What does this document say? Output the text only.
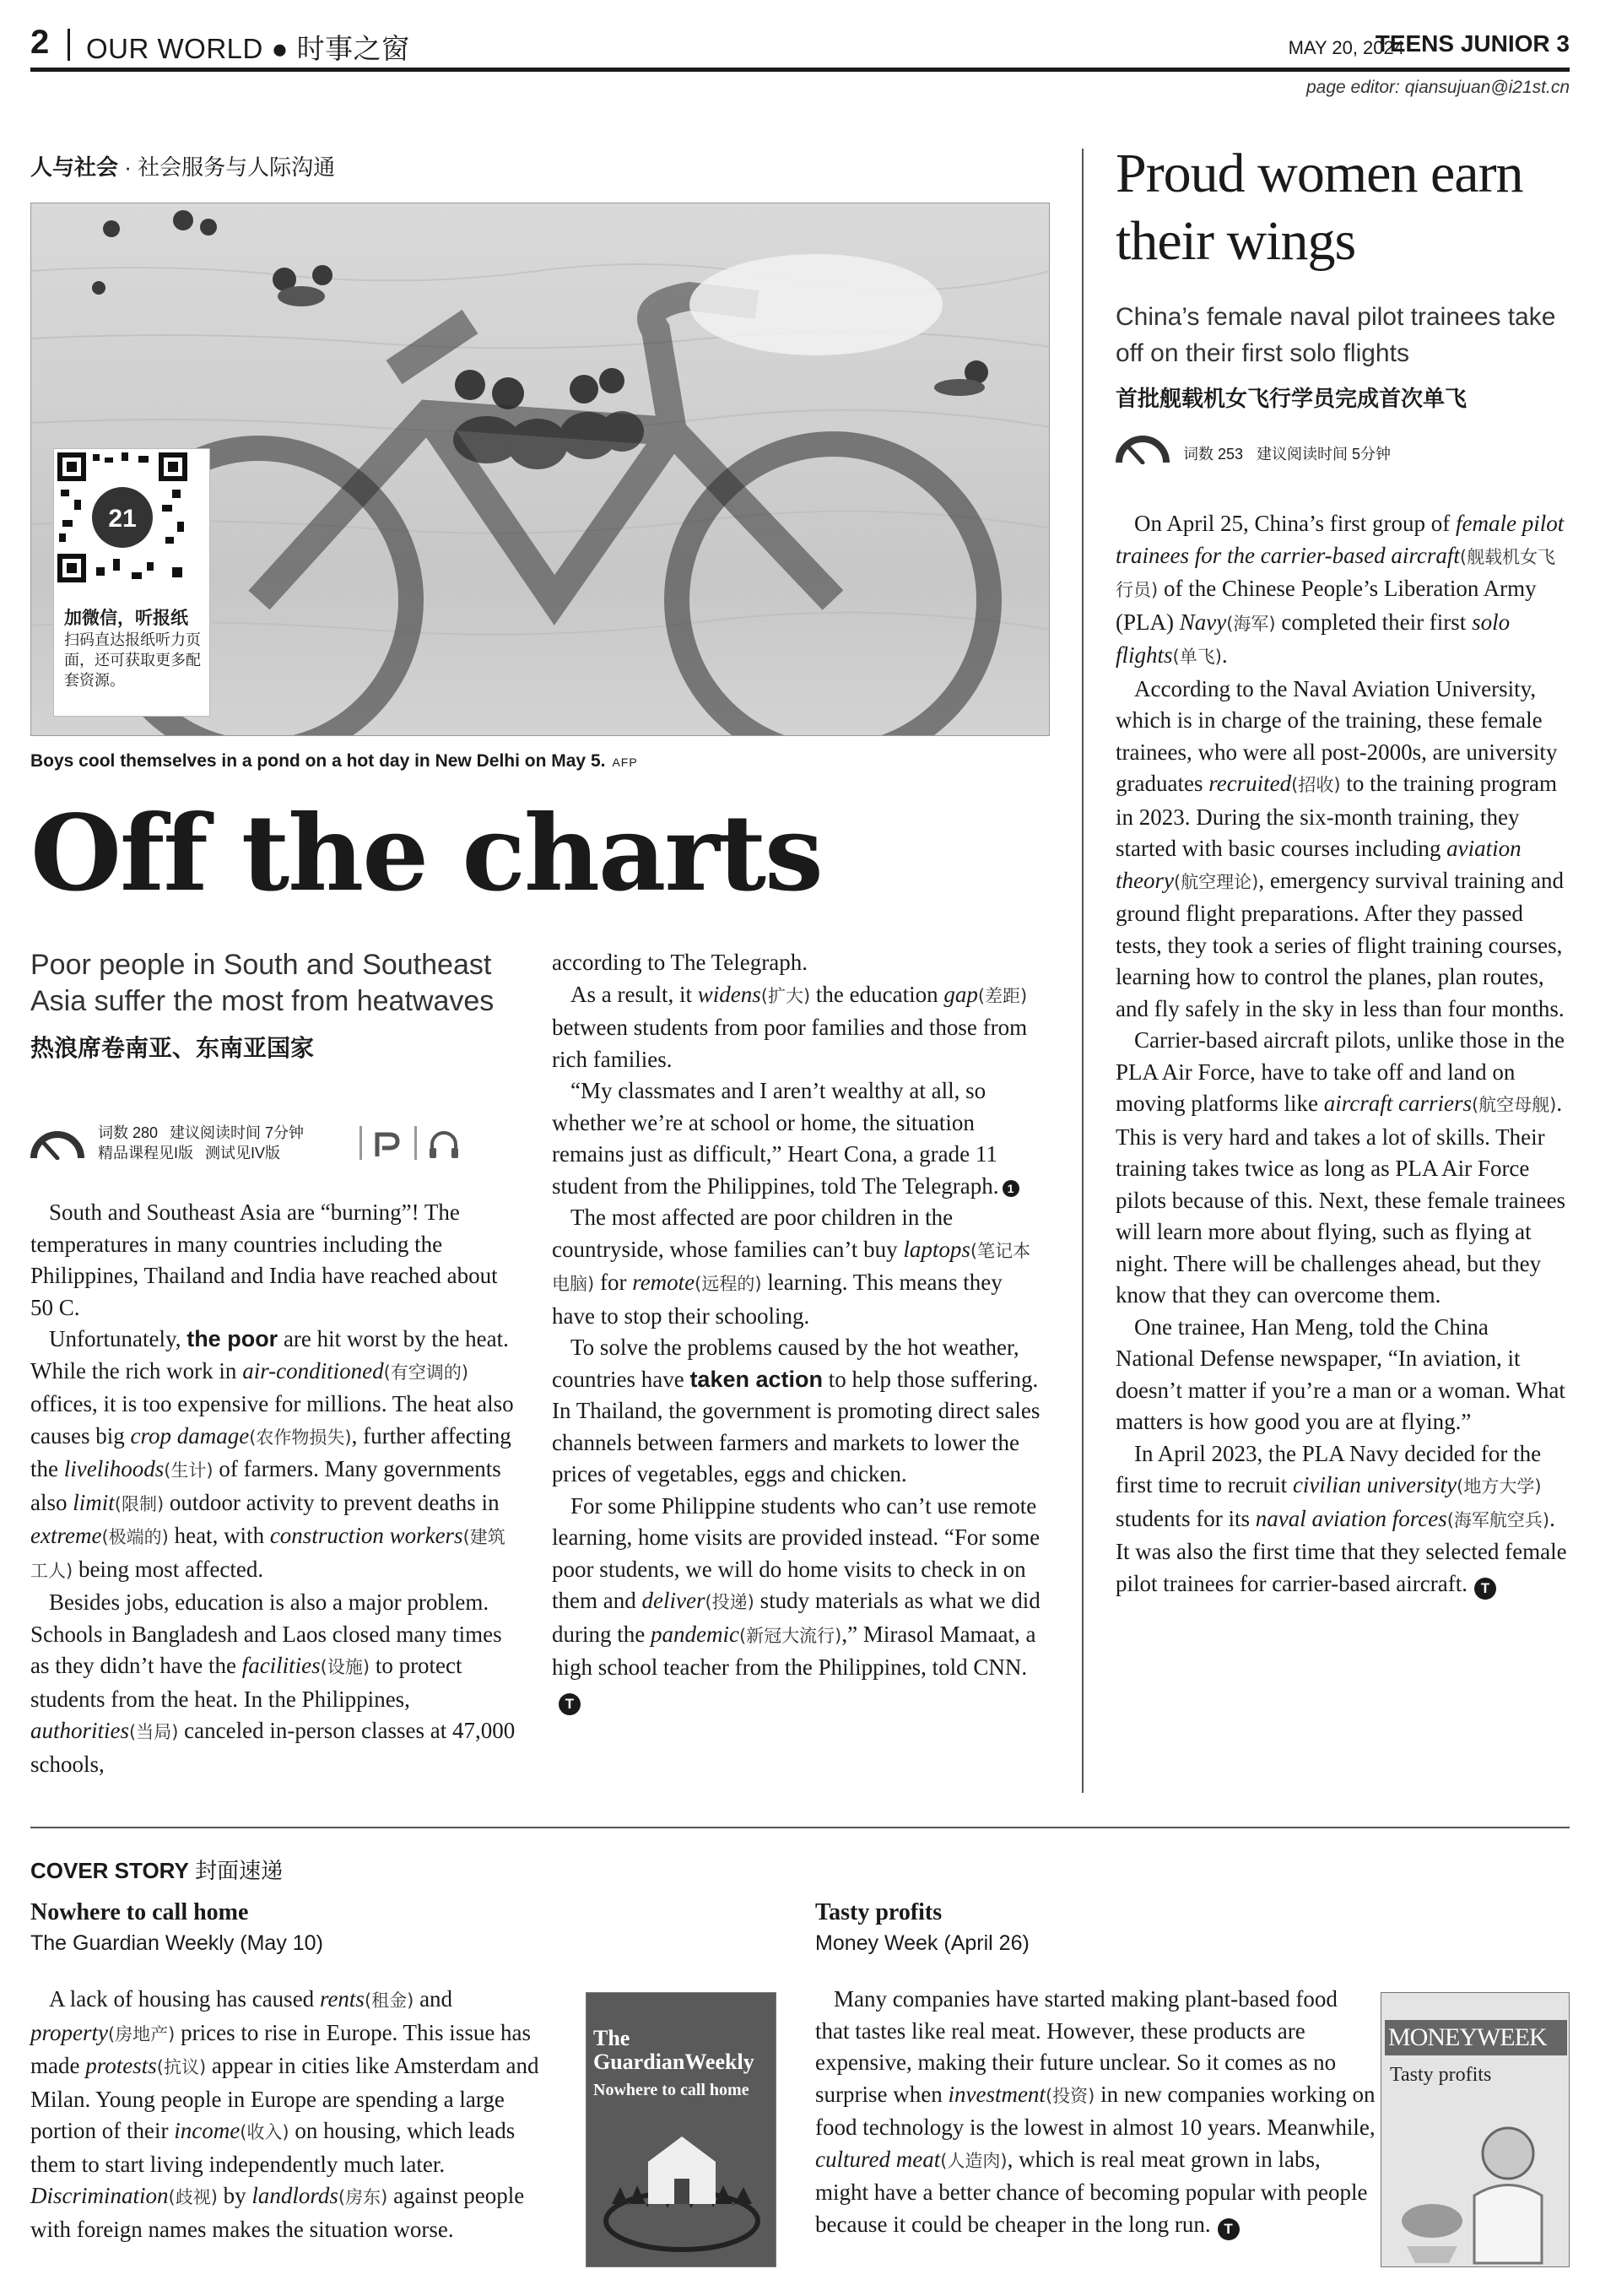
2 OUR WORLD ● 时事之窗	MAY 20, 2024
TEENS JUNIOR 3
page editor: qiansujuan@i21st.cn
人与社会 · 社会服务与人际沟通
21
加微信，听报纸
扫码直达报纸听力页面，还可获取更多配套资源。
Boys cool themselves in a pond on a hot day in New Delhi on May 5. AFP
Off the charts
Poor people in South and Southeast Asia suffer the most from heatwaves
热浪席卷南亚、东南亚国家
词数 280 建议阅读时间 7分钟
精品课程见I版 测试见IV版

South and Southeast Asia are “burning”! The temperatures in many countries including the Philippines, Thailand and India have reached about 50 C.

Unfortunately, the poor are hit worst by the heat. While the rich work in air-conditioned(有空调的) offices, it is too expensive for millions. The heat also causes big crop damage(农作物损失), further affecting the livelihoods(生计) of farmers. Many governments also limit(限制) outdoor activity to prevent deaths in extreme(极端的) heat, with construction workers(建筑工人) being most affected.

Besides jobs, education is also a major problem. Schools in Bangladesh and Laos closed many times as they didn’t have the facilities(设施) to protect students from the heat. In the Philippines, authorities(当局) canceled in-person classes at 47,000 schools,

according to The Telegraph.

As a result, it widens(扩大) the education gap(差距) between students from poor families and those from rich families.

“My classmates and I aren’t wealthy at all, so whether we’re at school or home, the situation remains just as difficult,” Heart Cona, a grade 11 student from the Philippines, told The Telegraph. 1

The most affected are poor children in the countryside, whose families can’t buy laptops(笔记本电脑) for remote(远程的) learning. This means they have to stop their schooling.

To solve the problems caused by the hot weather, countries have taken action to help those suffering. In Thailand, the government is promoting direct sales channels between farmers and markets to lower the prices of vegetables, eggs and chicken.

For some Philippine students who can’t use remote learning, home visits are provided instead. “For some poor students, we will do home visits to check in on them and deliver(投递) study materials as what we did during the pandemic(新冠大流行),” Mirasol Mamaat, a high school teacher from the Philippines, told CNN.T

Proud women earn their wings
China’s female naval pilot trainees take off on their first solo flights
首批舰载机女飞行学员完成首次单飞
词数 253 建议阅读时间 5分钟

On April 25, China’s first group of female pilot trainees for the carrier-based aircraft(舰载机女飞行员) of the Chinese People’s Liberation Army (PLA) Navy(海军) completed their first solo flights(单飞).

According to the Naval Aviation University, which is in charge of the training, these female trainees, who were all post-2000s, are university graduates recruited(招收) to the training program in 2023. During the six-month training, they started with basic courses including aviation theory(航空理论), emergency survival training and ground flight preparations. After they passed tests, they took a series of flight training courses, learning how to control the planes, plan routes, and fly safely in the sky in less than four months.

Carrier-based aircraft pilots, unlike those in the PLA Air Force, have to take off and land on moving platforms like aircraft carriers(航空母舰). This is very hard and takes a lot of skills. Their training takes twice as long as PLA Air Force pilots because of this. Next, these female trainees will learn more about flying, such as flying at night. There will be challenges ahead, but they know that they can overcome them.

One trainee, Han Meng, told the China National Defense newspaper, “In aviation, it doesn’t matter if you’re a man or a woman. What matters is how good you are at flying.”

In April 2023, the PLA Navy decided for the first time to recruit civilian university(地方大学) students for its naval aviation forces(海军航空兵). It was also the first time that they selected female pilot trainees for carrier-based aircraft. T

COVER STORY 封面速递
Nowhere to call home
The Guardian Weekly (May 10)

A lack of housing has caused rents(租金) and property(房地产) prices to rise in Europe. This issue has made protests(抗议) appear in cities like Amsterdam and Milan. Young people in Europe are spending a large portion of their income(收入) on housing, which leads them to start living independently much later. Discrimination(歧视) by landlords(房东) against people with foreign names makes the situation worse.

The GuardianWeekly
Nowhere to call home
Tasty profits
Money Week (April 26)

Many companies have started making plant-based food that tastes like real meat. However, these products are expensive, making their future unclear. So it comes as no surprise when investment(投资) in new companies working on food technology is the lowest in almost 10 years. Meanwhile, cultured meat(人造肉), which is real meat grown in labs, might have a better chance of becoming popular with people because it could be cheaper in the long run. T

MONEYWEEK
Tasty profits
